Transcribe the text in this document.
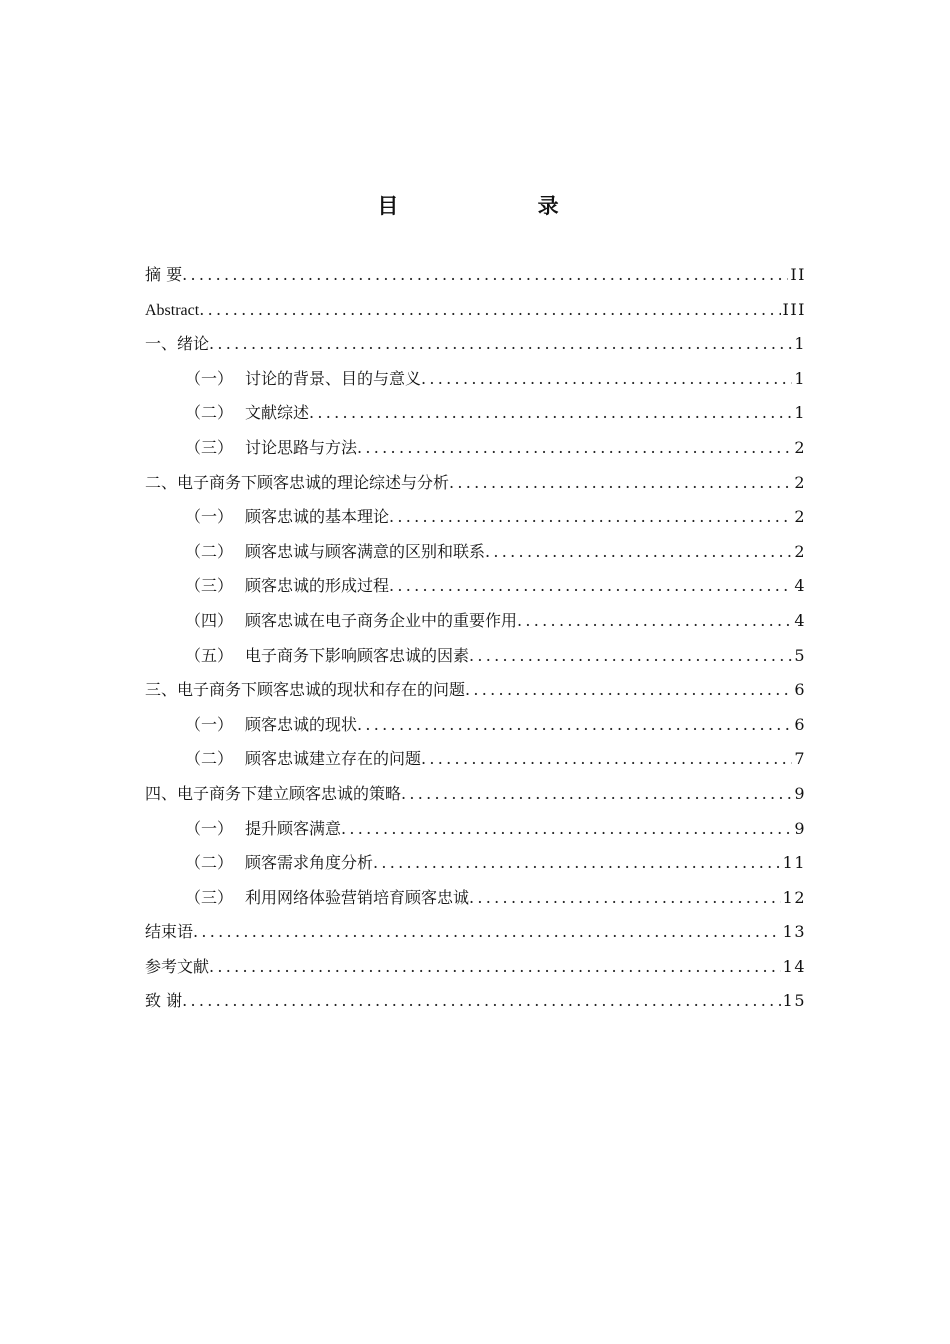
目 录
摘 要 .....	II
Abstract .....	III
一、绪论 .....	1
（一） 讨论的背景、目的与意义 .....	1
（二） 文献综述 .....	1
（三） 讨论思路与方法 .....	2
二、电子商务下顾客忠诚的理论综述与分析 .....	2
（一） 顾客忠诚的基本理论 .....	2
（二） 顾客忠诚与顾客满意的区别和联系 .....	2
（三） 顾客忠诚的形成过程 .....	4
（四） 顾客忠诚在电子商务企业中的重要作用 .....	4
（五） 电子商务下影响顾客忠诚的因素 .....	5
三、电子商务下顾客忠诚的现状和存在的问题 .....	6
（一） 顾客忠诚的现状 .....	6
（二） 顾客忠诚建立存在的问题 .....	7
四、电子商务下建立顾客忠诚的策略 .....	9
（一） 提升顾客满意 .....	9
（二） 顾客需求角度分析 .....	11
（三） 利用网络体验营销培育顾客忠诚 .....	12
结束语 .....	13
参考文献 .....	14
致 谢 .....	15
